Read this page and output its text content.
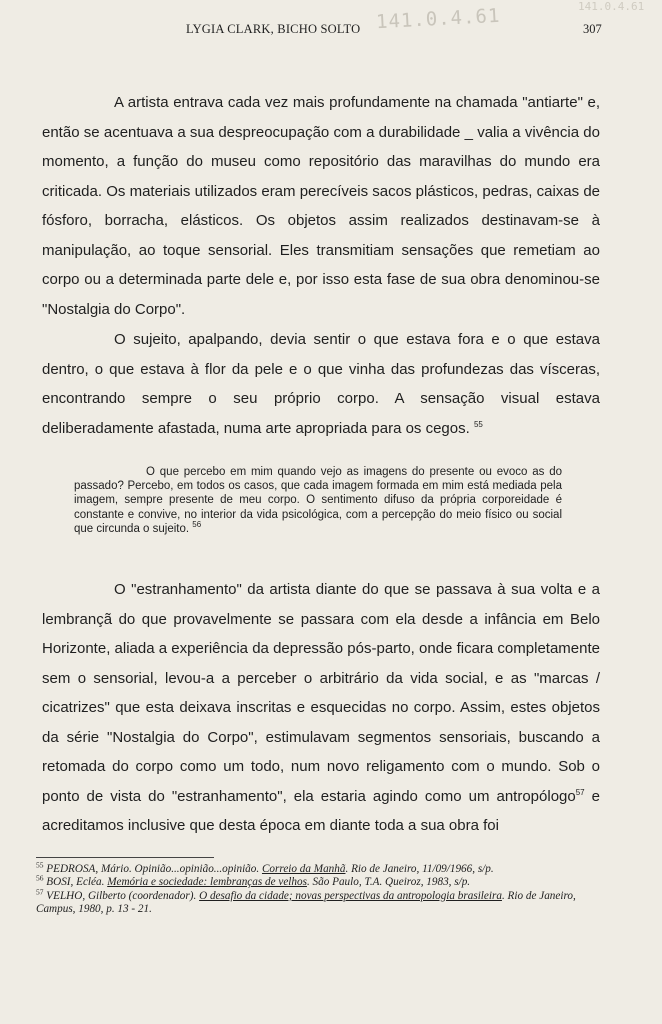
LYGIA CLARK, BICHO SOLTO 141.0.4.61	141.0.4.61
307

A artista entrava cada vez mais profundamente na chamada "antiarte" e, então se acentuava a sua despreocupação com a durabilidade _ valia a vivência do momento, a função do museu como repositório das maravilhas do mundo era criticada. Os materiais utilizados eram perecíveis sacos plásticos, pedras, caixas de fósforo, borracha, elásticos. Os objetos assim realizados destinavam-se à manipulação, ao toque sensorial. Eles transmitiam sensações que remetiam ao corpo ou a determinada parte dele e, por isso esta fase de sua obra denominou-se "Nostalgia do Corpo".

O sujeito, apalpando, devia sentir o que estava fora e o que estava dentro, o que estava à flor da pele e o que vinha das profundezas das vísceras, encontrando sempre o seu próprio corpo. A sensação visual estava deliberadamente afastada, numa arte apropriada para os cegos. $^{55}$

O que percebo em mim quando vejo as imagens do presente ou evoco as do passado? Percebo, em todos os casos, que cada imagem formada em mim está mediada pela imagem, sempre presente de meu corpo. O sentimento difuso da própria corporeidade é constante e convive, no interior da vida psicológica, com a percepção do meio físico ou social que circunda o sujeito. $^{56}$

O "estranhamento" da artista diante do que se passava à sua volta e a lembrançã do que provavelmente se passara com ela desde a infância em Belo Horizonte, aliada a experiência da depressão pós-parto, onde ficara completamente sem o sensorial, levou-a a perceber o arbitrário da vida social, e as "marcas / cicatrizes" que esta deixava inscritas e esquecidas no corpo. Assim, estes objetos da série "Nostalgia do Corpo", estimulavam segmentos sensoriais, buscando a retomada do corpo como um todo, num novo religamento com o mundo. Sob o ponto de vista do "estranhamento", ela estaria agindo como um antropólogo$^{57}$ e acreditamos inclusive que desta época em diante toda a sua obra foi

$^{55}$ PEDROSA, Mário. Opinião...opinião...opinião. Correio da Manhã. Rio de Janeiro, 11/09/1966, s/p.
$^{56}$ BOSI, Ecléa. Memória e sociedade: lembranças de velhos. São Paulo, T.A. Queiroz, 1983, s/p.
$^{57}$ VELHO, Gilberto (coordenador). O desafio da cidade; novas perspectivas da antropologia brasileira. Rio de Janeiro, Campus, 1980, p. 13 - 21.
